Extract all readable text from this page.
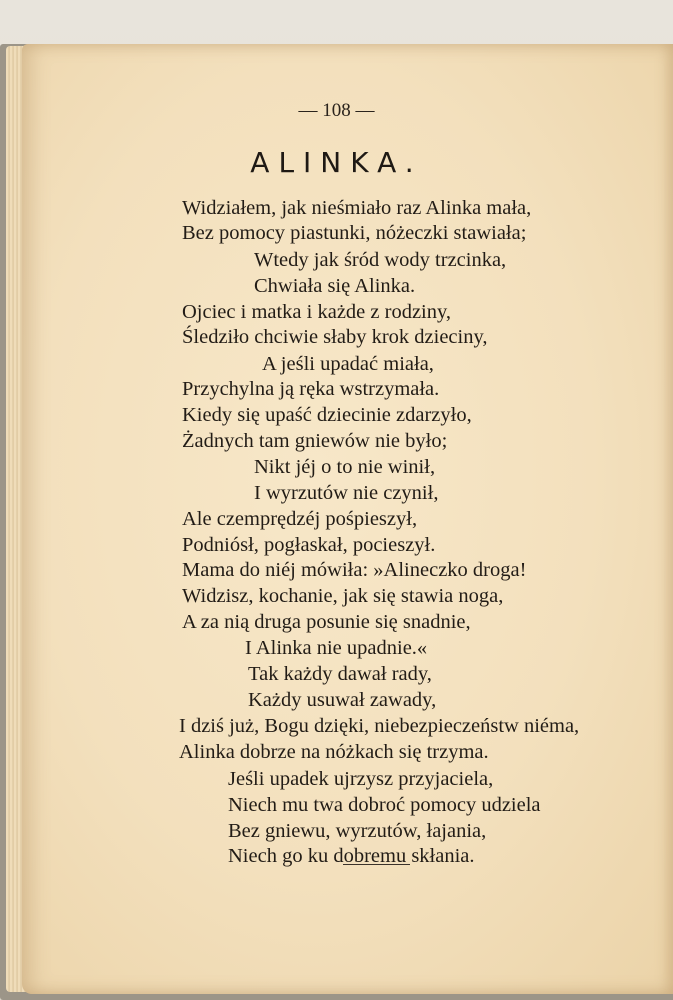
— 108 —
ALINKA.
Widziałem, jak nieśmiało raz Alinka mała,
Bez pomocy piastunki, nóżeczki stawiała;
Wtedy jak śród wody trzcinka,
Chwiała się Alinka.
Ojciec i matka i każde z rodziny,
Śledziło chciwie słaby krok dzieciny,
A jeśli upadać miała,
Przychylna ją ręka wstrzymała.
Kiedy się upaść dziecinie zdarzyło,
Żadnych tam gniewów nie było;
Nikt jéj o to nie winił,
I wyrzutów nie czynił,
Ale czemprędzéj pośpieszył,
Podniósł, pogłaskał, pocieszył.
Mama do niéj mówiła: »Alineczko droga!
Widzisz, kochanie, jak się stawia noga,
A za nią druga posunie się snadnie,
I Alinka nie upadnie.«
Tak każdy dawał rady,
Każdy usuwał zawady,
I dziś już, Bogu dzięki, niebezpieczeństw niéma,
Alinka dobrze na nóżkach się trzyma.
Jeśli upadek ujrzysz przyjaciela,
Niech mu twa dobroć pomocy udziela
Bez gniewu, wyrzutów, łajania,
Niech go ku dobremu skłania.
